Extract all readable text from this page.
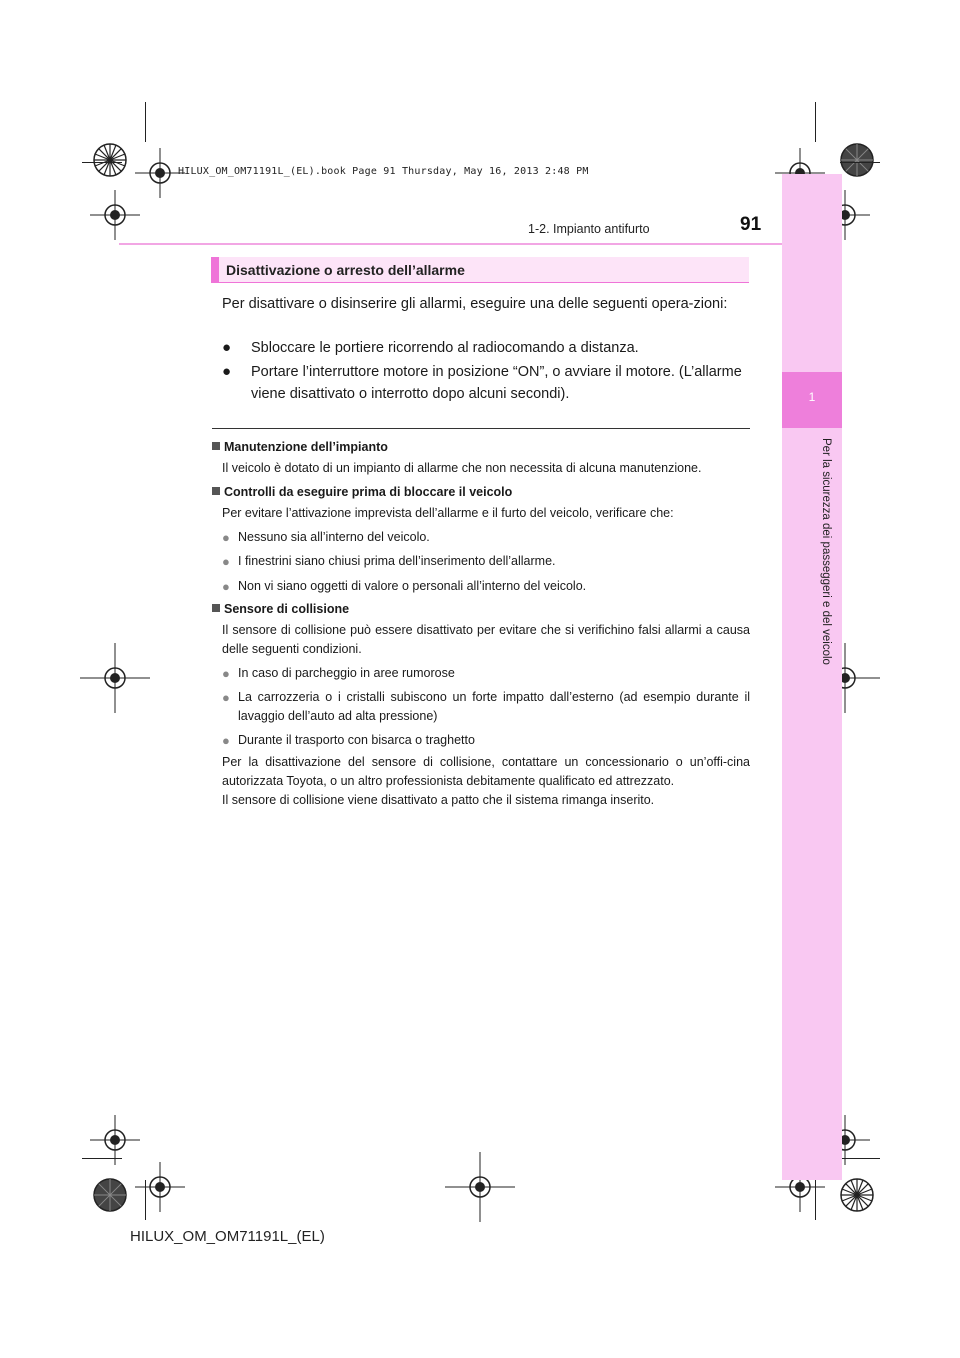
1
Per la sicurezza dei passeggeri e del veicolo
HILUX_OM_OM71191L_(EL).book Page 91 Thursday, May 16, 2013 2:48 PM
1-2. Impianto antifurto	91
Disattivazione o arresto dell’allarme
Per disattivare o disinserire gli allarmi, eseguire una delle seguenti opera-zioni:
● Sbloccare le portiere ricorrendo al radiocomando a distanza.
● Portare l’interruttore motore in posizione “ON”, o avviare il motore. (L’allarme viene disattivato o interrotto dopo alcuni secondi).
Manutenzione dell’impianto
Il veicolo è dotato di un impianto di allarme che non necessita di alcuna manutenzione.
Controlli da eseguire prima di bloccare il veicolo
Per evitare l’attivazione imprevista dell’allarme e il furto del veicolo, verificare che:
● Nessuno sia all’interno del veicolo.
● I finestrini siano chiusi prima dell’inserimento dell’allarme.
● Non vi siano oggetti di valore o personali all’interno del veicolo.
Sensore di collisione
Il sensore di collisione può essere disattivato per evitare che si verifichino falsi allarmi a causa delle seguenti condizioni.
● In caso di parcheggio in aree rumorose
● La carrozzeria o i cristalli subiscono un forte impatto dall’esterno (ad esempio durante il lavaggio dell’auto ad alta pressione)
● Durante il trasporto con bisarca o traghetto
Per la disattivazione del sensore di collisione, contattare un concessionario o un’offi-cina autorizzata Toyota, o un altro professionista debitamente qualificato ed attrezzato.
Il sensore di collisione viene disattivato a patto che il sistema rimanga inserito.
HILUX_OM_OM71191L_(EL)
